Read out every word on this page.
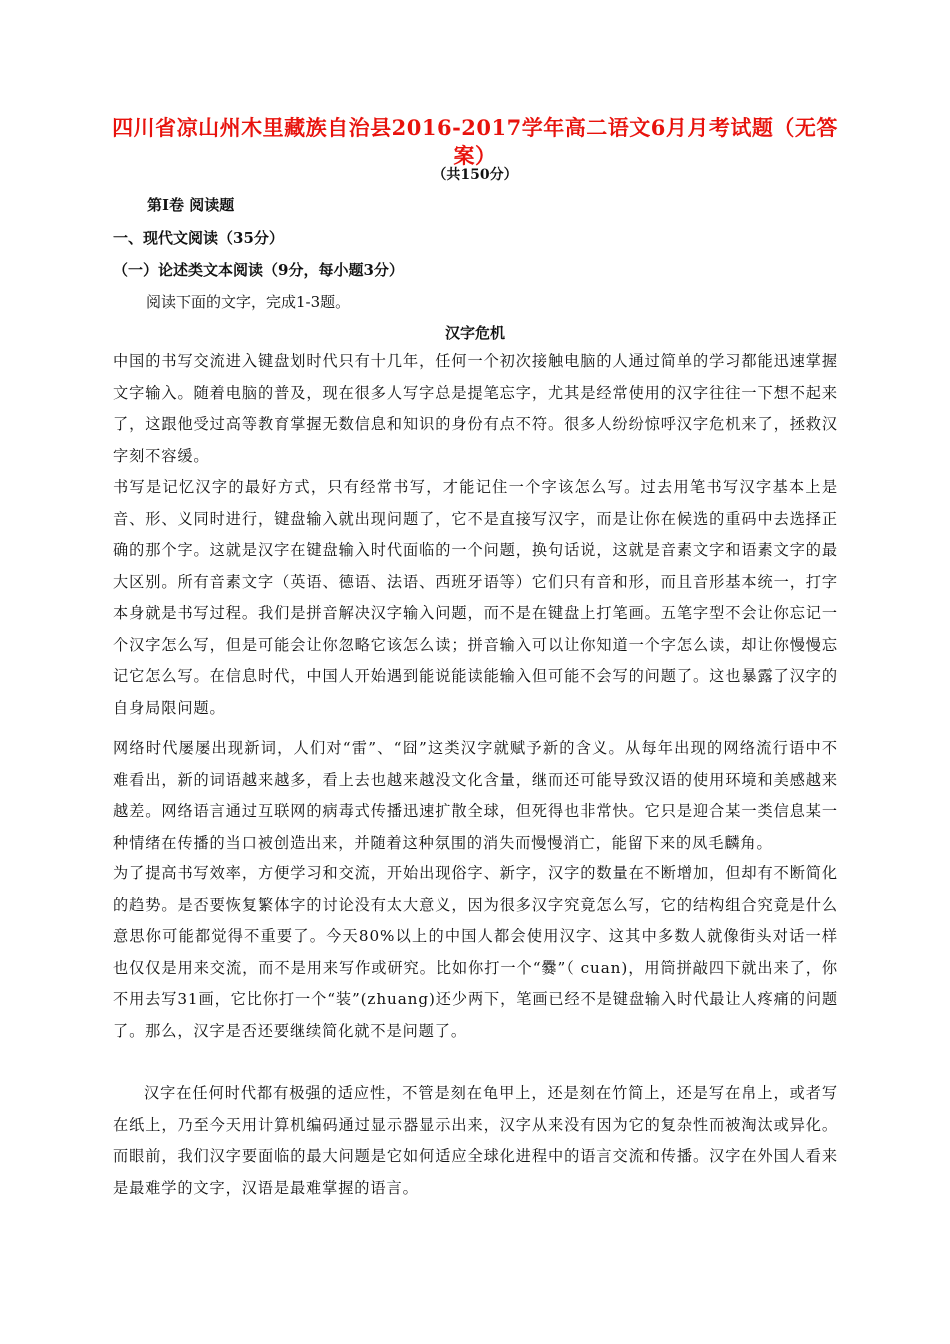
四川省凉山州木里藏族自治县2016-2017学年高二语文6月月考试题（无答案）
（共150分）
第Ⅰ卷 阅读题
一、现代文阅读（35分）
（一）论述类文本阅读（9分，每小题3分）
阅读下面的文字，完成1-3题。
汉字危机
中国的书写交流进入键盘划时代只有十几年，任何一个初次接触电脑的人通过简单的学习都能迅速掌握文字输入。随着电脑的普及，现在很多人写字总是提笔忘字，尤其是经常使用的汉字往往一下想不起来了，这跟他受过高等教育掌握无数信息和知识的身份有点不符。很多人纷纷惊呼汉字危机来了，拯救汉字刻不容缓。
书写是记忆汉字的最好方式，只有经常书写，才能记住一个字该怎么写。过去用笔书写汉字基本上是音、形、义同时进行，键盘输入就出现问题了，它不是直接写汉字，而是让你在候选的重码中去选择正确的那个字。这就是汉字在键盘输入时代面临的一个问题，换句话说，这就是音素文字和语素文字的最大区别。所有音素文字（英语、德语、法语、西班牙语等）它们只有音和形，而且音形基本统一，打字本身就是书写过程。我们是拼音解决汉字输入问题，而不是在键盘上打笔画。五笔字型不会让你忘记一个汉字怎么写，但是可能会让你忽略它该怎么读；拼音输入可以让你知道一个字怎么读，却让你慢慢忘记它怎么写。在信息时代，中国人开始遇到能说能读能输入但可能不会写的问题了。这也暴露了汉字的自身局限问题。
网络时代屡屡出现新词，人们对“雷”、“囧”这类汉字就赋予新的含义。从每年出现的网络流行语中不难看出，新的词语越来越多，看上去也越来越没文化含量，继而还可能导致汉语的使用环境和美感越来越差。网络语言通过互联网的病毒式传播迅速扩散全球，但死得也非常快。它只是迎合某一类信息某一种情绪在传播的当口被创造出来，并随着这种氛围的消失而慢慢消亡，能留下来的凤毛麟角。
为了提高书写效率，方便学习和交流，开始出现俗字、新字，汉字的数量在不断增加，但却有不断简化的趋势。是否要恢复繁体字的讨论没有太大意义，因为很多汉字究竟怎么写，它的结构组合究竟是什么意思你可能都觉得不重要了。今天80%以上的中国人都会使用汉字、这其中多数人就像街头对话一样也仅仅是用来交流，而不是用来写作或研究。比如你打一个“爨”（ cuan)，用筒拼敲四下就出来了，你不用去写31画，它比你打一个“装”(zhuang)还少两下，笔画已经不是键盘输入时代最让人疼痛的问题了。那么，汉字是否还要继续简化就不是问题了。
汉字在任何时代都有极强的适应性，不管是刻在龟甲上，还是刻在竹简上，还是写在帛上，或者写在纸上，乃至今天用计算机编码通过显示器显示出来，汉字从来没有因为它的复杂性而被淘汰或异化。而眼前，我们汉字要面临的最大问题是它如何适应全球化进程中的语言交流和传播。汉字在外国人看来是最难学的文字，汉语是最难掌握的语言。
